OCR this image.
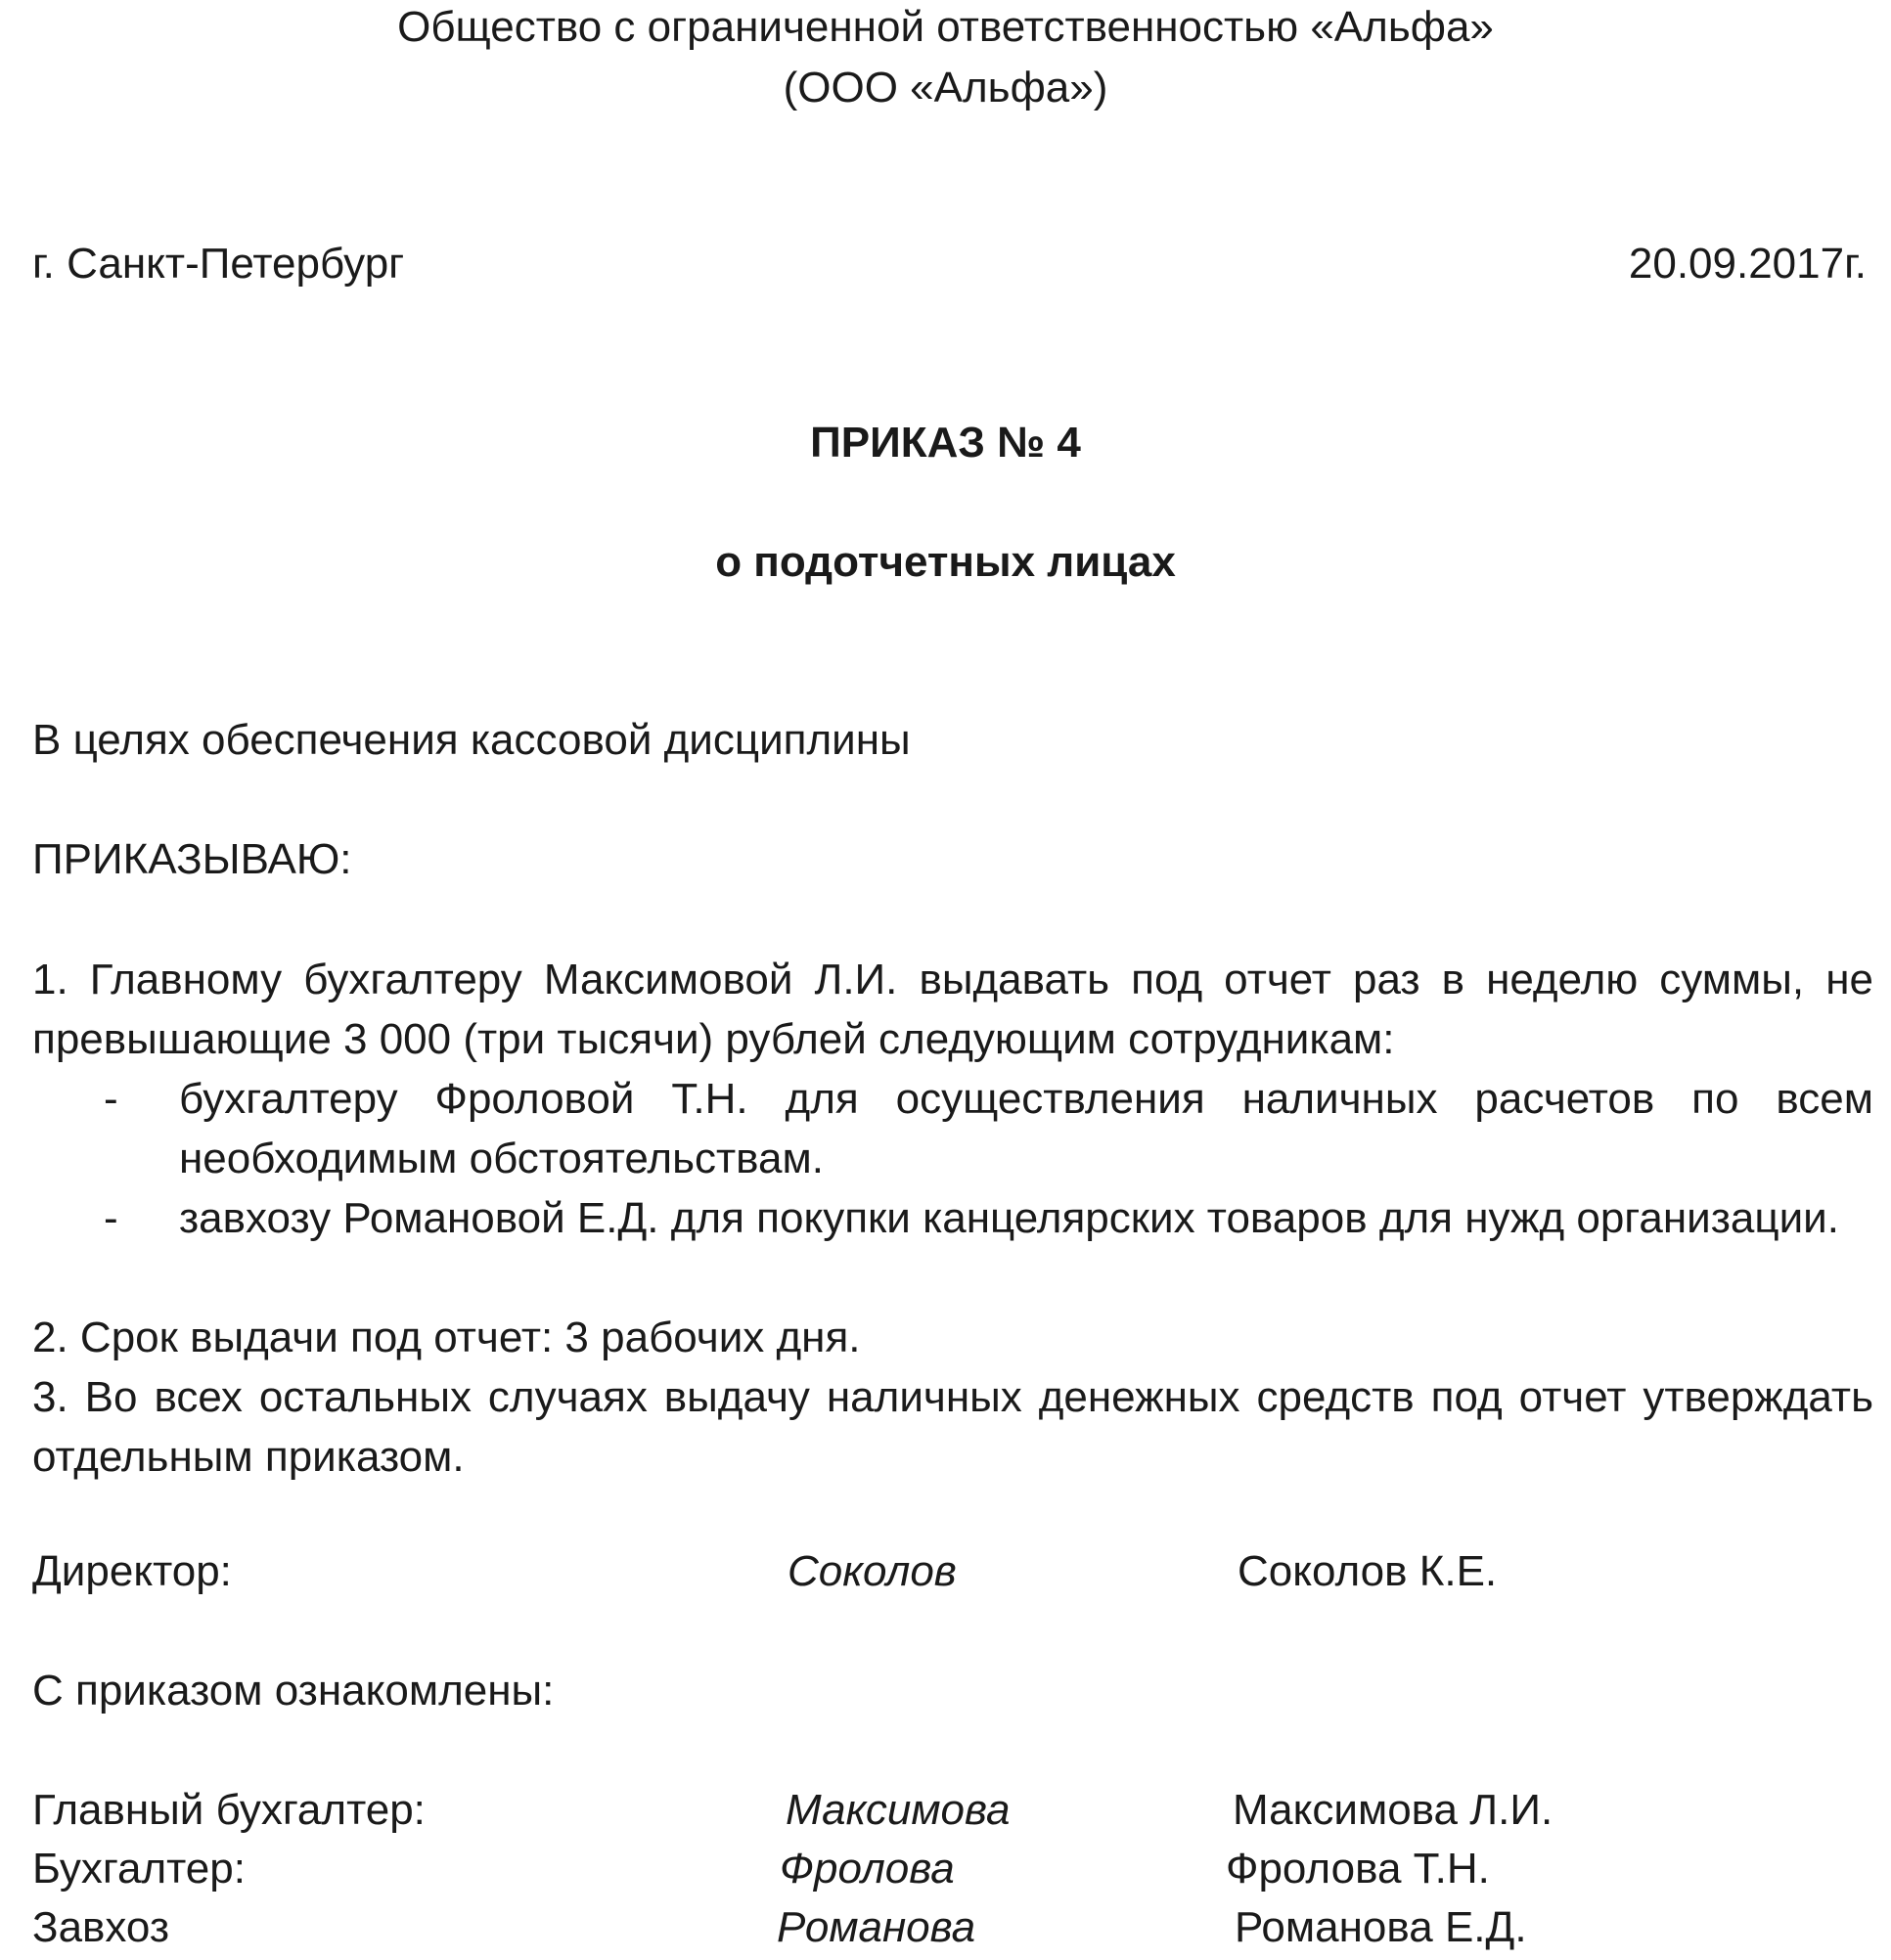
Общество с ограниченной ответственностью «Альфа»
(ООО «Альфа»)
г. Санкт-Петербург	20.09.2017г.
ПРИКАЗ № 4
о подотчетных лицах
В целях обеспечения кассовой дисциплины
ПРИКАЗЫВАЮ:
1. Главному бухгалтеру Максимовой Л.И. выдавать под отчет раз в неделю суммы, не превышающие 3 000 (три тысячи) рублей следующим сотрудникам:
- бухгалтеру Фроловой Т.Н. для осуществления наличных расчетов по всем необходимым обстоятельствам.
- завхозу Романовой Е.Д. для покупки канцелярских товаров для нужд организации.
2. Срок выдачи под отчет: 3 рабочих дня.
3. Во всех остальных случаях выдачу наличных денежных средств под отчет утверждать отдельным приказом.
Директор:	Соколов	Соколов К.Е.
С приказом ознакомлены:
Главный бухгалтер:	Максимова	Максимова Л.И.
Бухгалтер:	Фролова	Фролова Т.Н.
Завхоз	Романова	Романова Е.Д.
